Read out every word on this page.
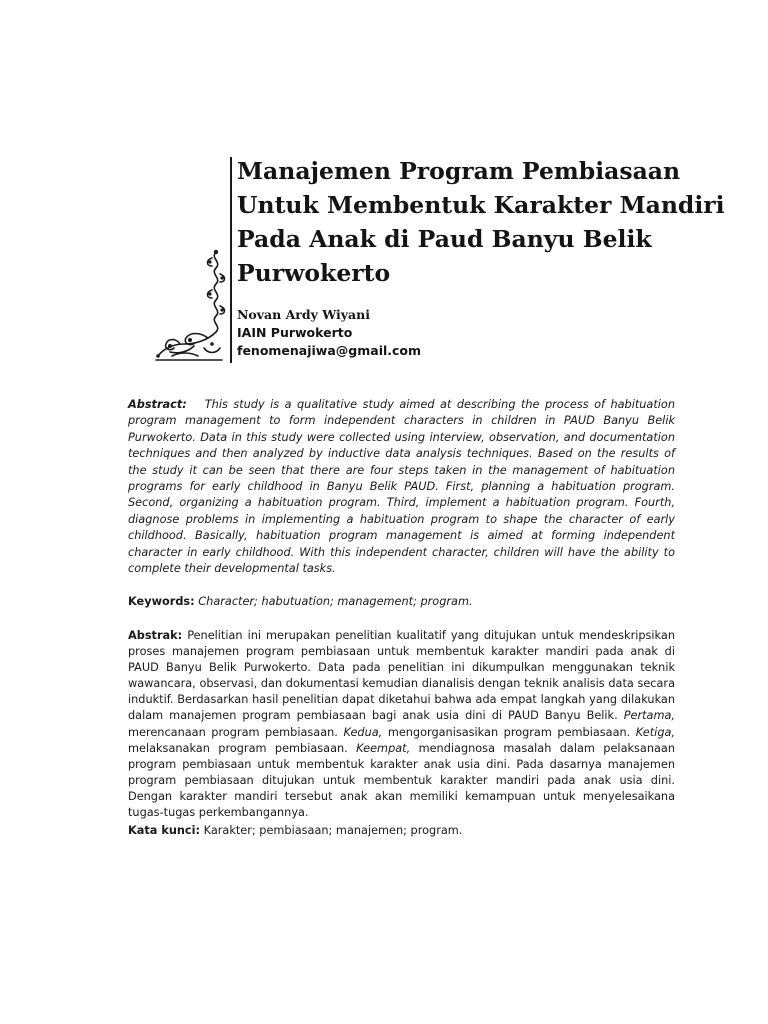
Manajemen Program Pembiasaan
Untuk Membentuk Karakter Mandiri
Pada Anak di Paud Banyu Belik
Purwokerto
Novan Ardy Wiyani
IAIN Purwokerto
fenomenajiwa@gmail.com
Abstract: This study is a qualitative study aimed at describing the process of habituation program management to form independent characters in children in PAUD Banyu Belik Purwokerto. Data in this study were collected using interview, observation, and documentation techniques and then analyzed by inductive data analysis techniques. Based on the results of the study it can be seen that there are four steps taken in the management of habituation programs for early childhood in Banyu Belik PAUD. First, planning a habituation program. Second, organizing a habituation program. Third, implement a habituation program. Fourth, diagnose problems in implementing a habituation program to shape the character of early childhood. Basically, habituation program management is aimed at forming independent character in early childhood. With this independent character, children will have the ability to complete their developmental tasks.
Keywords: Character; habutuation; management; program.
Abstrak: Penelitian ini merupakan penelitian kualitatif yang ditujukan untuk mendeskripsikan proses manajemen program pembiasaan untuk membentuk karakter mandiri pada anak di PAUD Banyu Belik Purwokerto. Data pada penelitian ini dikumpulkan menggunakan teknik wawancara, observasi, dan dokumentasi kemudian dianalisis dengan teknik analisis data secara induktif. Berdasarkan hasil penelitian dapat diketahui bahwa ada empat langkah yang dilakukan dalam manajemen program pembiasaan bagi anak usia dini di PAUD Banyu Belik. Pertama, merencanaan program pembiasaan. Kedua, mengorganisasikan program pembiasaan. Ketiga, melaksanakan program pembiasaan. Keempat, mendiagnosa masalah dalam pelaksanaan program pembiasaan untuk membentuk karakter anak usia dini. Pada dasarnya manajemen program pembiasaan ditujukan untuk membentuk karakter mandiri pada anak usia dini. Dengan karakter mandiri tersebut anak akan memiliki kemampuan untuk menyelesaikana tugas-tugas perkembangannya.
Kata kunci: Karakter; pembiasaan; manajemen; program.
